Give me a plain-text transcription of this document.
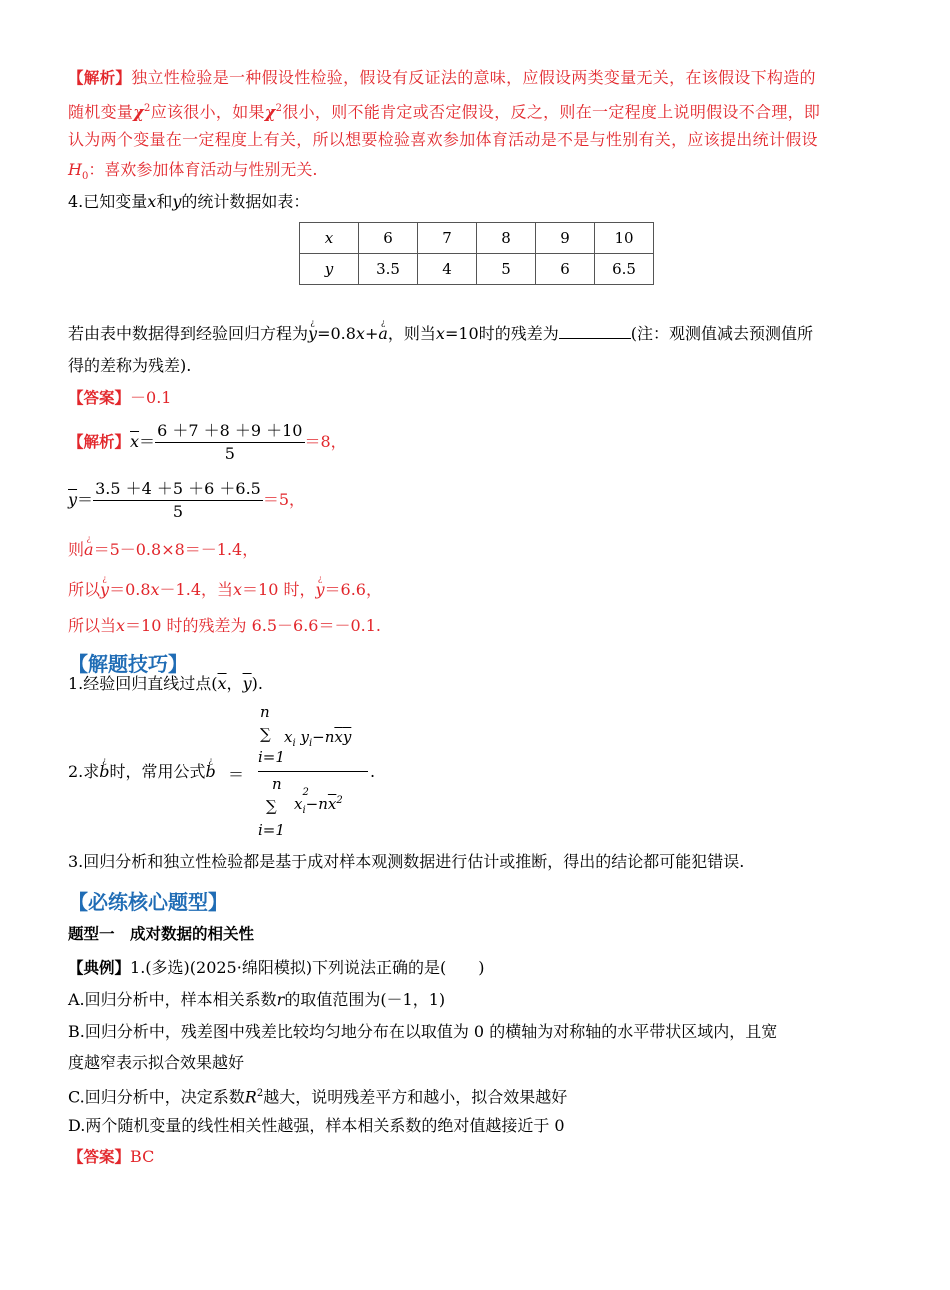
【解析】独立性检验是一种假设性检验，假设有反证法的意味，应假设两类变量无关，在该假设下构造的
随机变量$\chi^2$应该很小，如果$\chi^2$很小，则不能肯定或否定假设，反之，则在一定程度上说明假设不合理，即
认为两个变量在一定程度上有关，所以想要检验喜欢参加体育活动是不是与性别有关，应该提出统计假设
$H_0$：喜欢参加体育活动与性别无关.
4.已知变量x和y的统计数据如表：
x	6	7	8	9	10
y	3.5	4	5	6	6.5
若由表中数据得到经验回归方程为¿ y=0.8x+¿ a，则当x=10时的残差为	(注：观测值减去预测值所
得的差称为残差).
【答案】－0.1
【解析】$\overline{x}= \frac{6 +7 +8 +9 +10}{5} =8$，
$\overline{y}= \frac{3.5 +4 +5 +6 +6.5}{5} =5$，
则¿ a＝5－0.8×8＝－1.4，
所以¿ y＝0.8x－1.4，当x＝10 时，¿ y＝6.6，
所以当x＝10 时的残差为 6.5－6.6＝－0.1.
【解题技巧】
1.经验回归直线过点($\overline{x}$，$\overline{y}$).
2.求¿ b时，常用公式¿ b ＝
n
∑ $x_i$ $y_i-n\overline{x}\overline{y}$
i=1
n
∑ x
2
$_i-n\overline{x}^2$
i=1
.
3.回归分析和独立性检验都是基于成对样本观测数据进行估计或推断，得出的结论都可能犯错误.
【必练核心题型】
题型一　成对数据的相关性
【典例】1.(多选)(2025·绵阳模拟)下列说法正确的是(　　)
A.回归分析中，样本相关系数r的取值范围为(－1，1)
B.回归分析中，残差图中残差比较均匀地分布在以取值为 0 的横轴为对称轴的水平带状区域内，且宽
度越窄表示拟合效果越好
C.回归分析中，决定系数$R^2$越大，说明残差平方和越小，拟合效果越好
D.两个随机变量的线性相关性越强，样本相关系数的绝对值越接近于 0
【答案】BC
